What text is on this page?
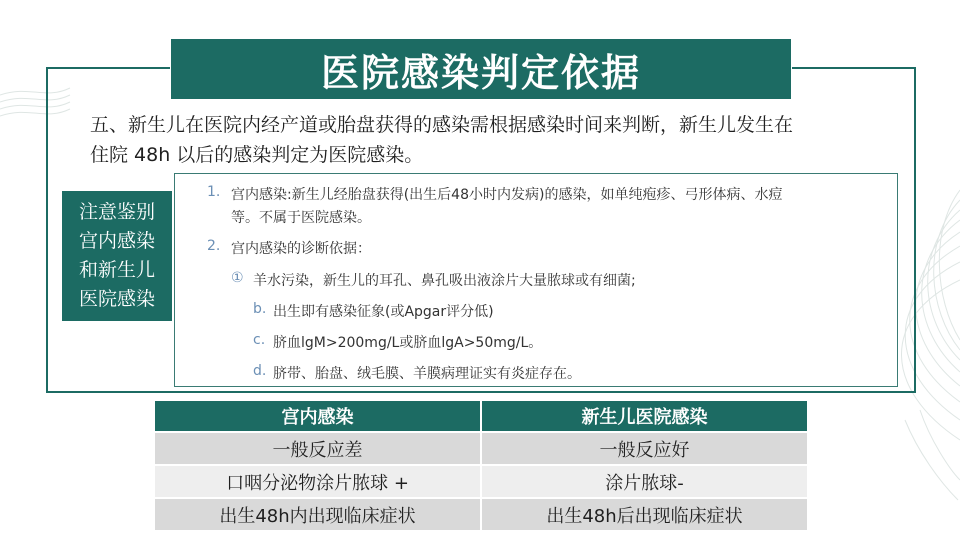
医院感染判定依据
五、新生儿在医院内经产道或胎盘获得的感染需根据感染时间来判断，新生儿发生在
住院 48h 以后的感染判定为医院感染。
注意鉴别
宫内感染
和新生儿
医院感染
1. 宫内感染:新生儿经胎盘获得(出生后48小时内发病)的感染，如单纯疱疹、弓形体病、水痘
等。不属于医院感染。
2. 宫内感染的诊断依据：
① 羊水污染，新生儿的耳孔、鼻孔吸出液涂片大量脓球或有细菌;
b. 出生即有感染征象(或Apgar评分低)
c. 脐血lgM>200mg/L或脐血lgA>50mg/L。
d. 脐带、胎盘、绒毛膜、羊膜病理证实有炎症存在。
宫内感染	新生儿医院感染
一般反应差	一般反应好
口咽分泌物涂片脓球 +	涂片脓球-
出生48h内出现临床症状	出生48h后出现临床症状
